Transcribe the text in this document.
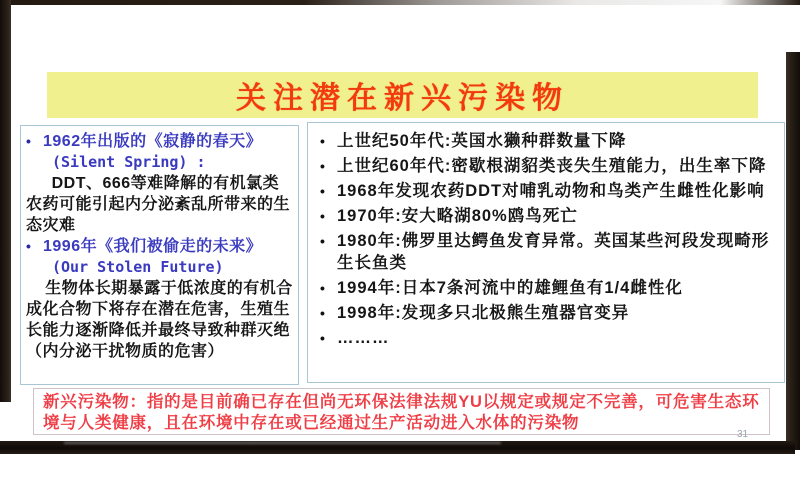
关注潜在新兴污染物
•
1962年出版的《寂静的春天》
(Silent Spring) :
DDT、666等难降解的有机氯类农药可能引起内分泌紊乱所带来的生态灾难
•
1996年《我们被偷走的未来》
(Our Stolen Future)
生物体长期暴露于低浓度的有机合成化合物下将存在潜在危害，生殖生长能力逐渐降低并最终导致种群灭绝（内分泌干扰物质的危害）
•
上世纪50年代:英国水獭种群数量下降
•
上世纪60年代:密歇根湖貂类丧失生殖能力，出生率下降
•
1968年发现农药DDT对哺乳动物和鸟类产生雌性化影响
•
1970年:安大略湖80%鸥鸟死亡
•
1980年:佛罗里达鳄鱼发育异常。英国某些河段发现畸形生长鱼类
•
1994年:日本7条河流中的雄鲤鱼有1/4雌性化
•
1998年:发现多只北极熊生殖器官变异
•
………
新兴污染物：指的是目前确已存在但尚无环保法律法规YU以规定或规定不完善，可危害生态环境与人类健康，且在环境中存在或已经通过生产活动进入水体的污染物
31
